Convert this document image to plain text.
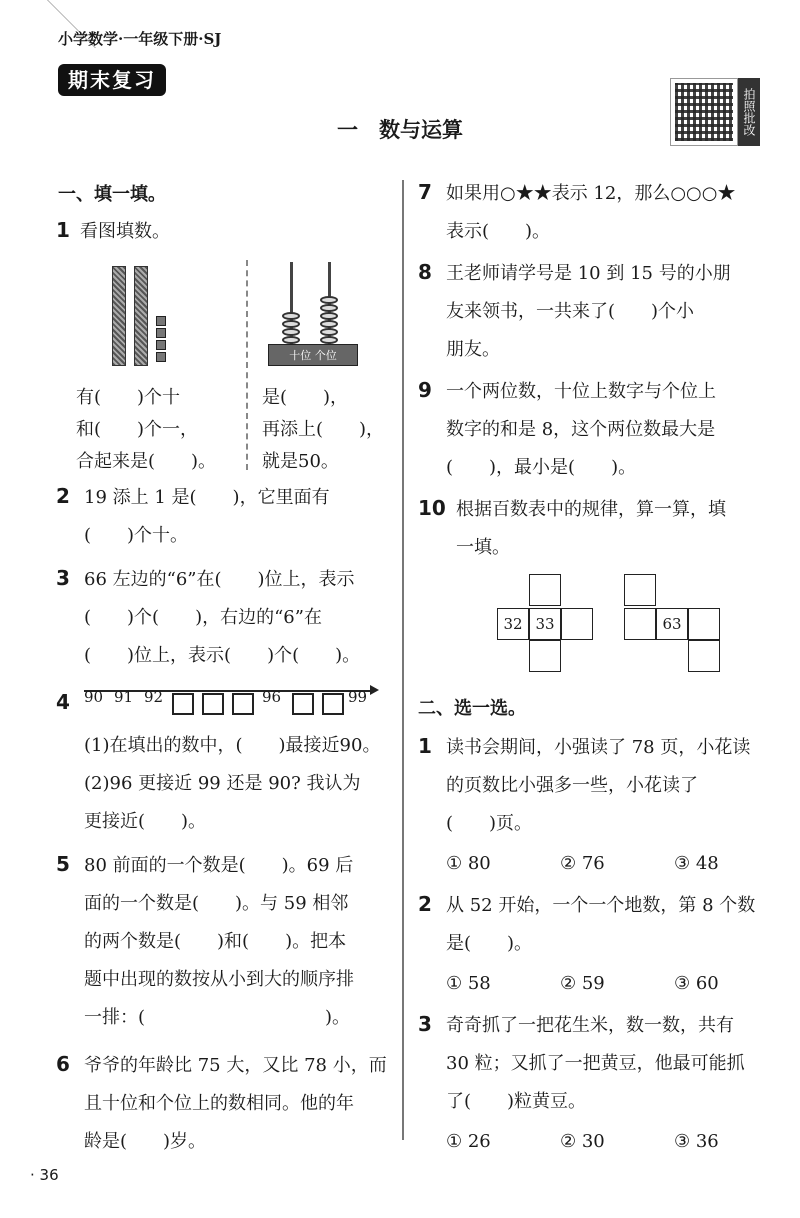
小学数学·一年级下册·SJ
期末复习
拍照批改
一　数与运算
一、填一填。
1 看图填数。
十位 个位
有(　　)个十
和(　　)个一，
合起来是(　　)。
是(　　)，
再添上(　　)，
就是50。
2 19 添上 1 是(　　)，它里面有
(　　)个十。
3 66 左边的“6”在(　　)位上，表示
(　　)个(　　)，右边的“6”在
(　　)位上，表示(　　)个(　　)。
4 90 91 92	96	99
(1)在填出的数中，(　　)最接近90。
(2)96 更接近 99 还是 90? 我认为
更接近(　　)。
5 80 前面的一个数是(　　)。69 后
面的一个数是(　　)。与 59 相邻
的两个数是(　　)和(　　)。把本
题中出现的数按从小到大的顺序排
一排：(　　　　　　　　　　)。
6 爷爷的年龄比 75 大，又比 78 小，而
且十位和个位上的数相同。他的年
龄是(　　)岁。
7 如果用○★★表示 12，那么○○○★
表示(　　)。
8 王老师请学号是 10 到 15 号的小朋
友来领书，一共来了(　　)个小
朋友。
9 一个两位数，十位上数字与个位上
数字的和是 8，这个两位数最大是
(　　)，最小是(　　)。
10 根据百数表中的规律，算一算，填
一填。
32 33	63
二、选一选。
1 读书会期间，小强读了 78 页，小花读
的页数比小强多一些，小花读了
(　　)页。
① 80	② 76	③ 48
2 从 52 开始，一个一个地数，第 8 个数
是(　　)。
① 58	② 59	③ 60
3 奇奇抓了一把花生米，数一数，共有
30 粒；又抓了一把黄豆，他最可能抓
了(　　)粒黄豆。
① 26	② 30	③ 36
· 36
